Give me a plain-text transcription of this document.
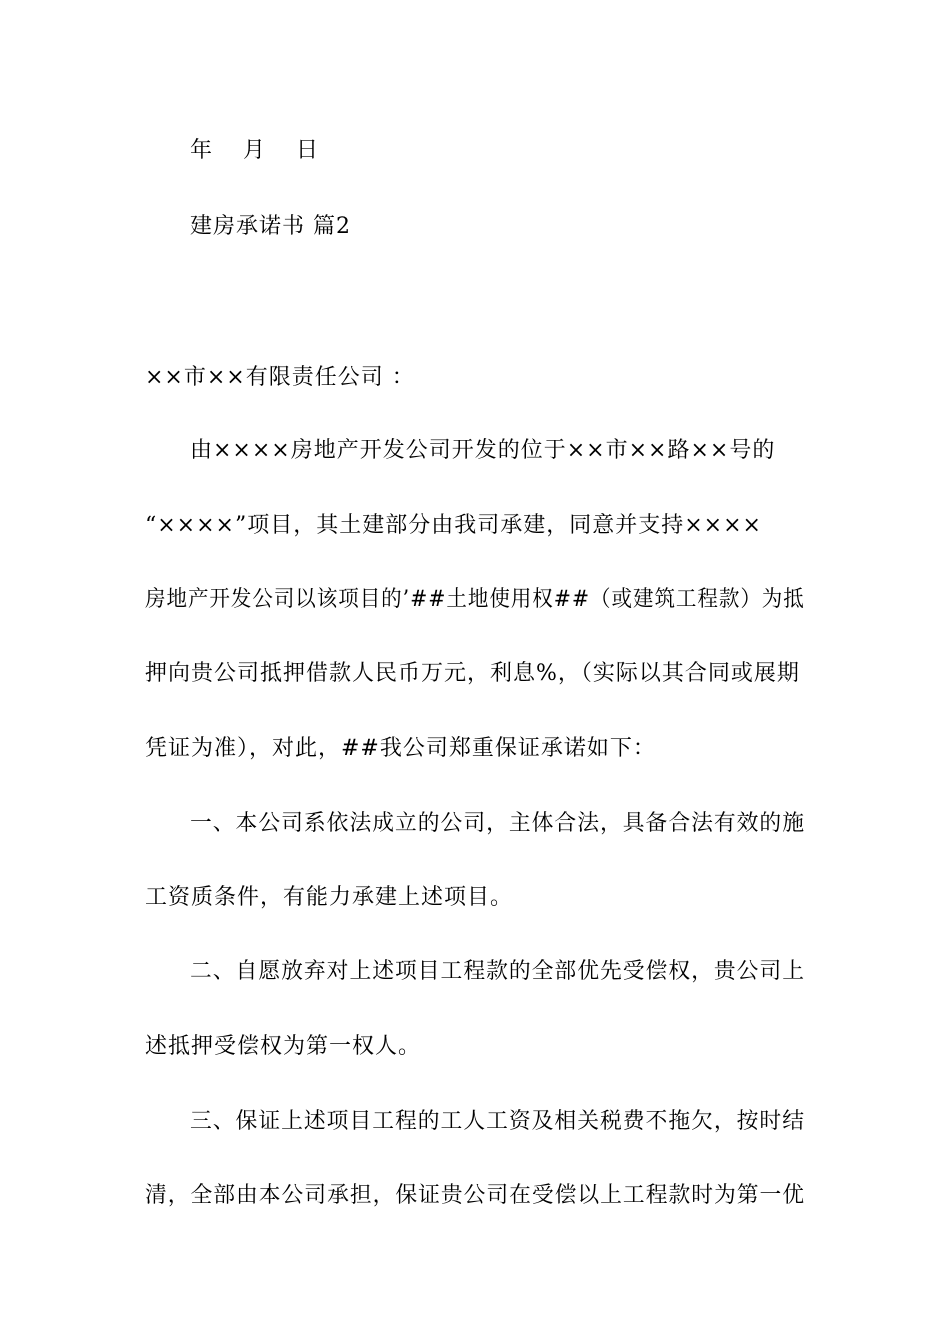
年 月 日
建房承诺书 篇2
××市××有限责任公司 ：
由××××房地产开发公司开发的位于××市××路××号的
“××××”项目，其土建部分由我司承建，同意并支持××××
房地产开发公司以该项目的’##土地使用权##（或建筑工程款）为抵
押向贵公司抵押借款人民币万元，利息%，（实际以其合同或展期
凭证为准），对此，##我公司郑重保证承诺如下：
一、本公司系依法成立的公司，主体合法，具备合法有效的施
工资质条件，有能力承建上述项目。
二、自愿放弃对上述项目工程款的全部优先受偿权，贵公司上
述抵押受偿权为第一权人。
三、保证上述项目工程的工人工资及相关税费不拖欠，按时结
清，全部由本公司承担，保证贵公司在受偿以上工程款时为第一优
